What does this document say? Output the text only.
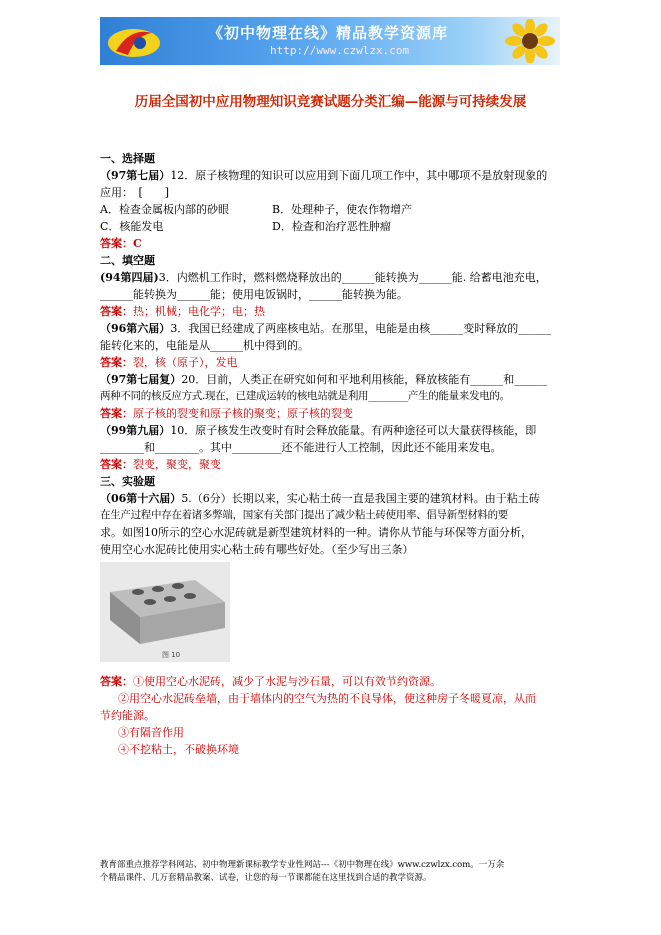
《初中物理在线》精品教学资源库
http://www.czwlzx.com
历届全国初中应用物理知识竞赛试题分类汇编—能源与可持续发展

一、选择题

（97第七届）12．原子核物理的知识可以应用到下面几项工作中，其中哪项不是放射现象的

应用：　[　　]

A．检查金属板内部的砂眼	B．处理种子，使农作物增产

C．核能发电	D．检查和治疗恶性肿瘤

答案：C

二、填空题

(94第四届)3．内燃机工作时，燃料燃烧释放出的______能转换为______能. 给蓄电池充电，

______能转换为______能；使用电饭锅时，______能转换为能。

答案：热；机械；电化学；电；热

（96第六届）3．我国已经建成了两座核电站。在那里，电能是由核______变时释放的______

能转化来的，电能是从______机中得到的。

答案：裂，核（原子），发电

（97第七届复）20．目前，人类正在研究如何和平地利用核能，释放核能有______和______

两种不同的核反应方式.现在，已建成运转的核电站就是利用________产生的能量来发电的。

答案：原子核的裂变和原子核的聚变；原子核的裂变

（99第九届）10．原子核发生改变时有时会释放能量。有两种途径可以大量获得核能，即

________和________。其中_________还不能进行人工控制，因此还不能用来发电。

答案：裂变，聚变，聚变

三、实验题

（06第十六届）5.（6分）长期以来，实心粘土砖一直是我国主要的建筑材料。由于粘土砖

在生产过程中存在着诸多弊端，国家有关部门提出了减少粘土砖使用率、倡导新型材料的要

求。如图10所示的空心水泥砖就是新型建筑材料的一种。请你从节能与环保等方面分析，

使用空心水泥砖比使用实心粘土砖有哪些好处。（至少写出三条）

图 10

答案：①使用空心水泥砖，减少了水泥与沙石量，可以有效节约资源。

②用空心水泥砖垒墙，由于墙体内的空气为热的不良导体，使这种房子冬暖夏凉，从而

节约能源。

③有隔音作用

④不挖粘土，不破换环境

教育部重点推荐学科网站、初中物理新课标教学专业性网站---《初中物理在线》www.czwlzx.com。一万余
个精品课件、几万套精品教案、试卷，让您的每一节课都能在这里找到合适的教学资源。
